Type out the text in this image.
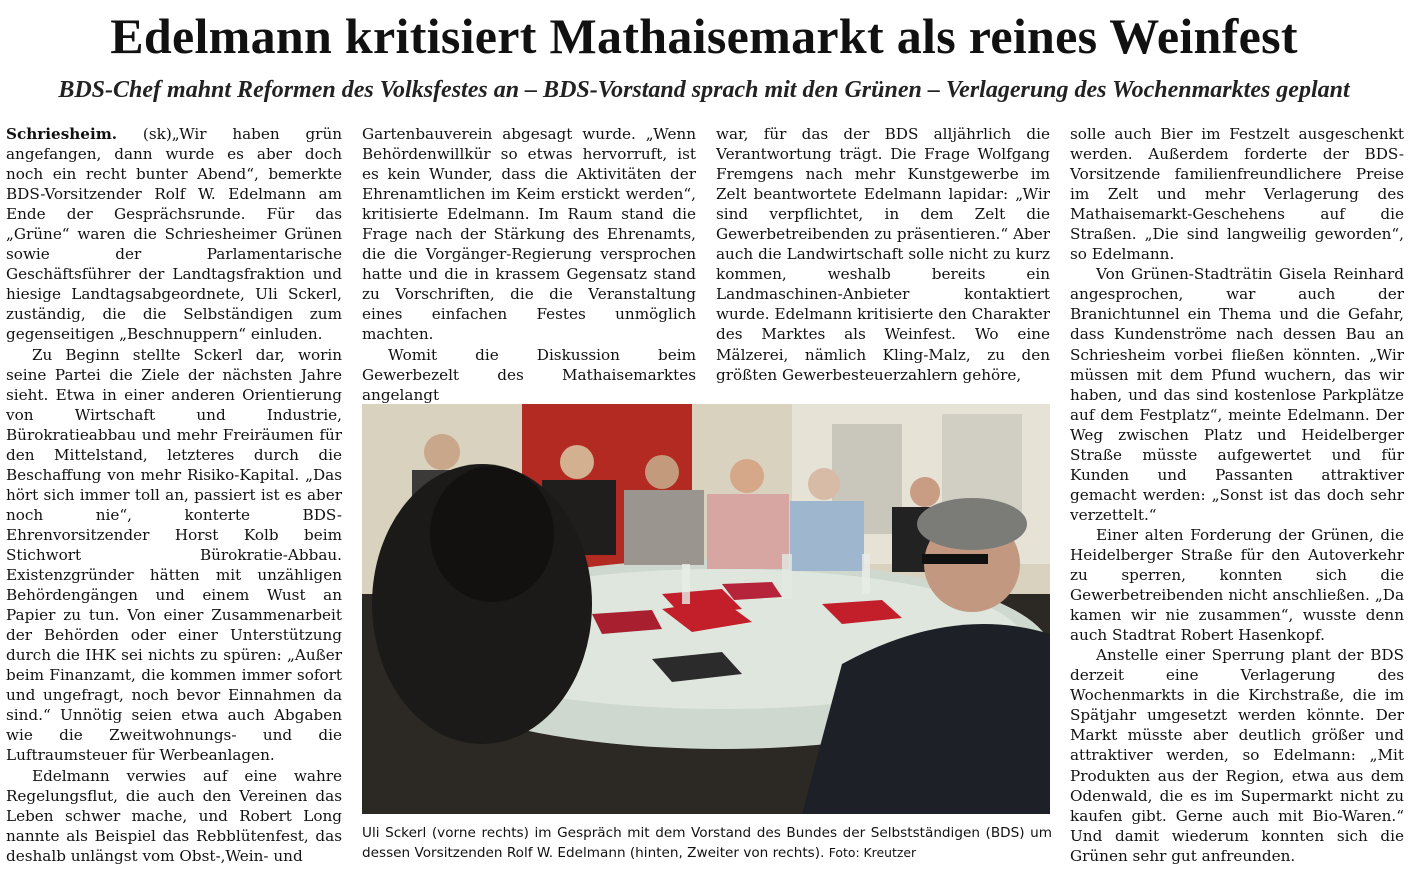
Edelmann kritisiert Mathaisemarkt als reines Weinfest
BDS-Chef mahnt Reformen des Volksfestes an – BDS-Vorstand sprach mit den Grünen – Verlagerung des Wochenmarktes geplant

Schriesheim. (sk)„Wir haben grün angefangen, dann wurde es aber doch noch ein recht bunter Abend“, bemerkte BDS-Vorsitzender Rolf W. Edelmann am Ende der Gesprächsrunde. Für das „Grüne“ waren die Schriesheimer Grünen sowie der Parlamentarische Geschäftsführer der Landtagsfraktion und hiesige Landtagsabgeordnete, Uli Sckerl, zuständig, die die Selbständigen zum gegenseitigen „Beschnuppern“ einluden.

Zu Beginn stellte Sckerl dar, worin seine Partei die Ziele der nächsten Jahre sieht. Etwa in einer anderen Orientierung von Wirtschaft und Industrie, Bürokratieabbau und mehr Freiräumen für den Mittelstand, letzteres durch die Beschaffung von mehr Risiko-Kapital. „Das hört sich immer toll an, passiert ist es aber noch nie“, konterte BDS-Ehrenvorsitzender Horst Kolb beim Stichwort Bürokratie-Abbau. Existenzgründer hätten mit unzähligen Behördengängen und einem Wust an Papier zu tun. Von einer Zusammenarbeit der Behörden oder einer Unterstützung durch die IHK sei nichts zu spüren: „Außer beim Finanzamt, die kommen immer sofort und ungefragt, noch bevor Einnahmen da sind.“ Unnötig seien etwa auch Abgaben wie die Zweitwohnungs- und die Luftraumsteuer für Werbeanlagen.

Edelmann verwies auf eine wahre Regelungsflut, die auch den Vereinen das Leben schwer mache, und Robert Long nannte als Beispiel das Rebblütenfest, das deshalb unlängst vom Obst-,Wein- und

Gartenbauverein abgesagt wurde. „Wenn Behördenwillkür so etwas hervorruft, ist es kein Wunder, dass die Aktivitäten der Ehrenamtlichen im Keim erstickt werden“, kritisierte Edelmann. Im Raum stand die Frage nach der Stärkung des Ehrenamts, die die Vorgänger-Regierung versprochen hatte und die in krassem Gegensatz stand zu Vorschriften, die die Veranstaltung eines einfachen Festes unmöglich machten.

Womit die Diskussion beim Gewerbezelt des Mathaisemarktes angelangt

war, für das der BDS alljährlich die Verantwortung trägt. Die Frage Wolfgang Fremgens nach mehr Kunstgewerbe im Zelt beantwortete Edelmann lapidar: „Wir sind verpflichtet, in dem Zelt die Gewerbetreibenden zu präsentieren.“ Aber auch die Landwirtschaft solle nicht zu kurz kommen, weshalb bereits ein Landmaschinen-Anbieter kontaktiert wurde. Edelmann kritisierte den Charakter des Marktes als Weinfest. Wo eine Mälzerei, nämlich Kling-Malz, zu den größten Gewerbesteuerzahlern gehöre,

solle auch Bier im Festzelt ausgeschenkt werden. Außerdem forderte der BDS-Vorsitzende familienfreundlichere Preise im Zelt und mehr Verlagerung des Mathaisemarkt-Geschehens auf die Straßen. „Die sind langweilig geworden“, so Edelmann.

Von Grünen-Stadträtin Gisela Reinhard angesprochen, war auch der Branichtunnel ein Thema und die Gefahr, dass Kundenströme nach dessen Bau an Schriesheim vorbei fließen könnten. „Wir müssen mit dem Pfund wuchern, das wir haben, und das sind kostenlose Parkplätze auf dem Festplatz“, meinte Edelmann. Der Weg zwischen Platz und Heidelberger Straße müsste aufgewertet und für Kunden und Passanten attraktiver gemacht werden: „Sonst ist das doch sehr verzettelt.“

Einer alten Forderung der Grünen, die Heidelberger Straße für den Autoverkehr zu sperren, konnten sich die Gewerbetreibenden nicht anschließen. „Da kamen wir nie zusammen“, wusste denn auch Stadtrat Robert Hasenkopf.

Anstelle einer Sperrung plant der BDS derzeit eine Verlagerung des Wochenmarkts in die Kirchstraße, die im Spätjahr umgesetzt werden könnte. Der Markt müsste aber deutlich größer und attraktiver werden, so Edelmann: „Mit Produkten aus der Region, etwa aus dem Odenwald, die es im Supermarkt nicht zu kaufen gibt. Gerne auch mit Bio-Waren.“ Und damit wiederum konnten sich die Grünen sehr gut anfreunden.

Uli Sckerl (vorne rechts) im Gespräch mit dem Vorstand des Bundes der Selbstständigen (BDS) um dessen Vorsitzenden Rolf W. Edelmann (hinten, Zweiter von rechts). Foto: Kreutzer
